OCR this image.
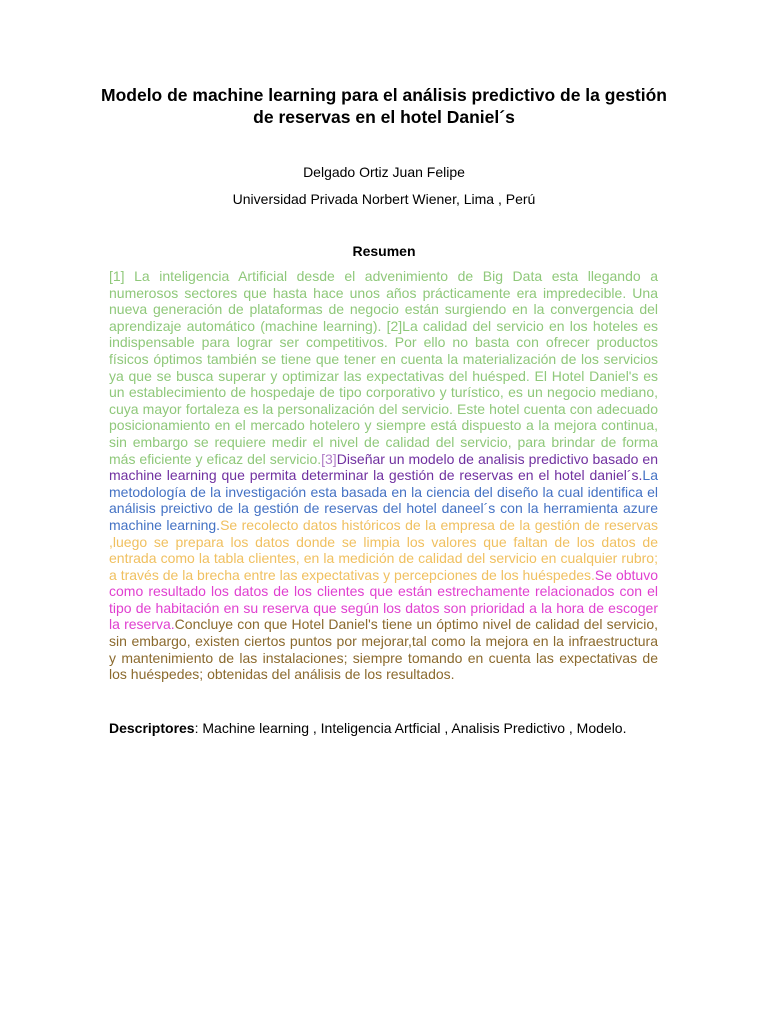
Modelo de machine learning para el análisis predictivo de la gestión de reservas en el hotel Daniel´s

Delgado Ortiz Juan Felipe

Universidad Privada Norbert Wiener, Lima , Perú

Resumen

[1] La inteligencia Artificial desde el advenimiento de Big Data esta llegando a numerosos sectores que hasta hace unos años prácticamente era impredecible. Una nueva generación de plataformas de negocio están surgiendo en la convergencia del aprendizaje automático (machine learning). [2]La calidad del servicio en los hoteles es indispensable para lograr ser competitivos. Por ello no basta con ofrecer productos físicos óptimos también se tiene que tener en cuenta la materialización de los servicios ya que se busca superar y optimizar las expectativas del huésped. El Hotel Daniel's es un establecimiento de hospedaje de tipo corporativo y turístico, es un negocio mediano, cuya mayor fortaleza es la personalización del servicio. Este hotel cuenta con adecuado posicionamiento en el mercado hotelero y siempre está dispuesto a la mejora continua, sin embargo se requiere medir el nivel de calidad del servicio, para brindar de forma más eficiente y eficaz del servicio.[3]Diseñar un modelo de analisis predictivo basado en machine learning que permita determinar la gestión de reservas en el hotel daniel´s.La metodología de la investigación esta basada en la ciencia del diseño la cual identifica el análisis preictivo de la gestión de reservas del hotel daneel´s con la herramienta azure machine learning.Se recolecto datos históricos de la empresa de la gestión de reservas ,luego se prepara los datos donde se limpia los valores que faltan de los datos de entrada como la tabla clientes, en la medición de calidad del servicio en cualquier rubro; a través de la brecha entre las expectativas y percepciones de los huéspedes.Se obtuvo como resultado los datos de los clientes que están estrechamente relacionados con el tipo de habitación en su reserva que según los datos son prioridad a la hora de escoger la reserva.Concluye con que Hotel Daniel's tiene un óptimo nivel de calidad del servicio, sin embargo, existen ciertos puntos por mejorar,tal como la mejora en la infraestructura y mantenimiento de las instalaciones; siempre tomando en cuenta las expectativas de los huéspedes; obtenidas del análisis de los resultados.

Descriptores: Machine learning , Inteligencia Artficial , Analisis Predictivo , Modelo.
